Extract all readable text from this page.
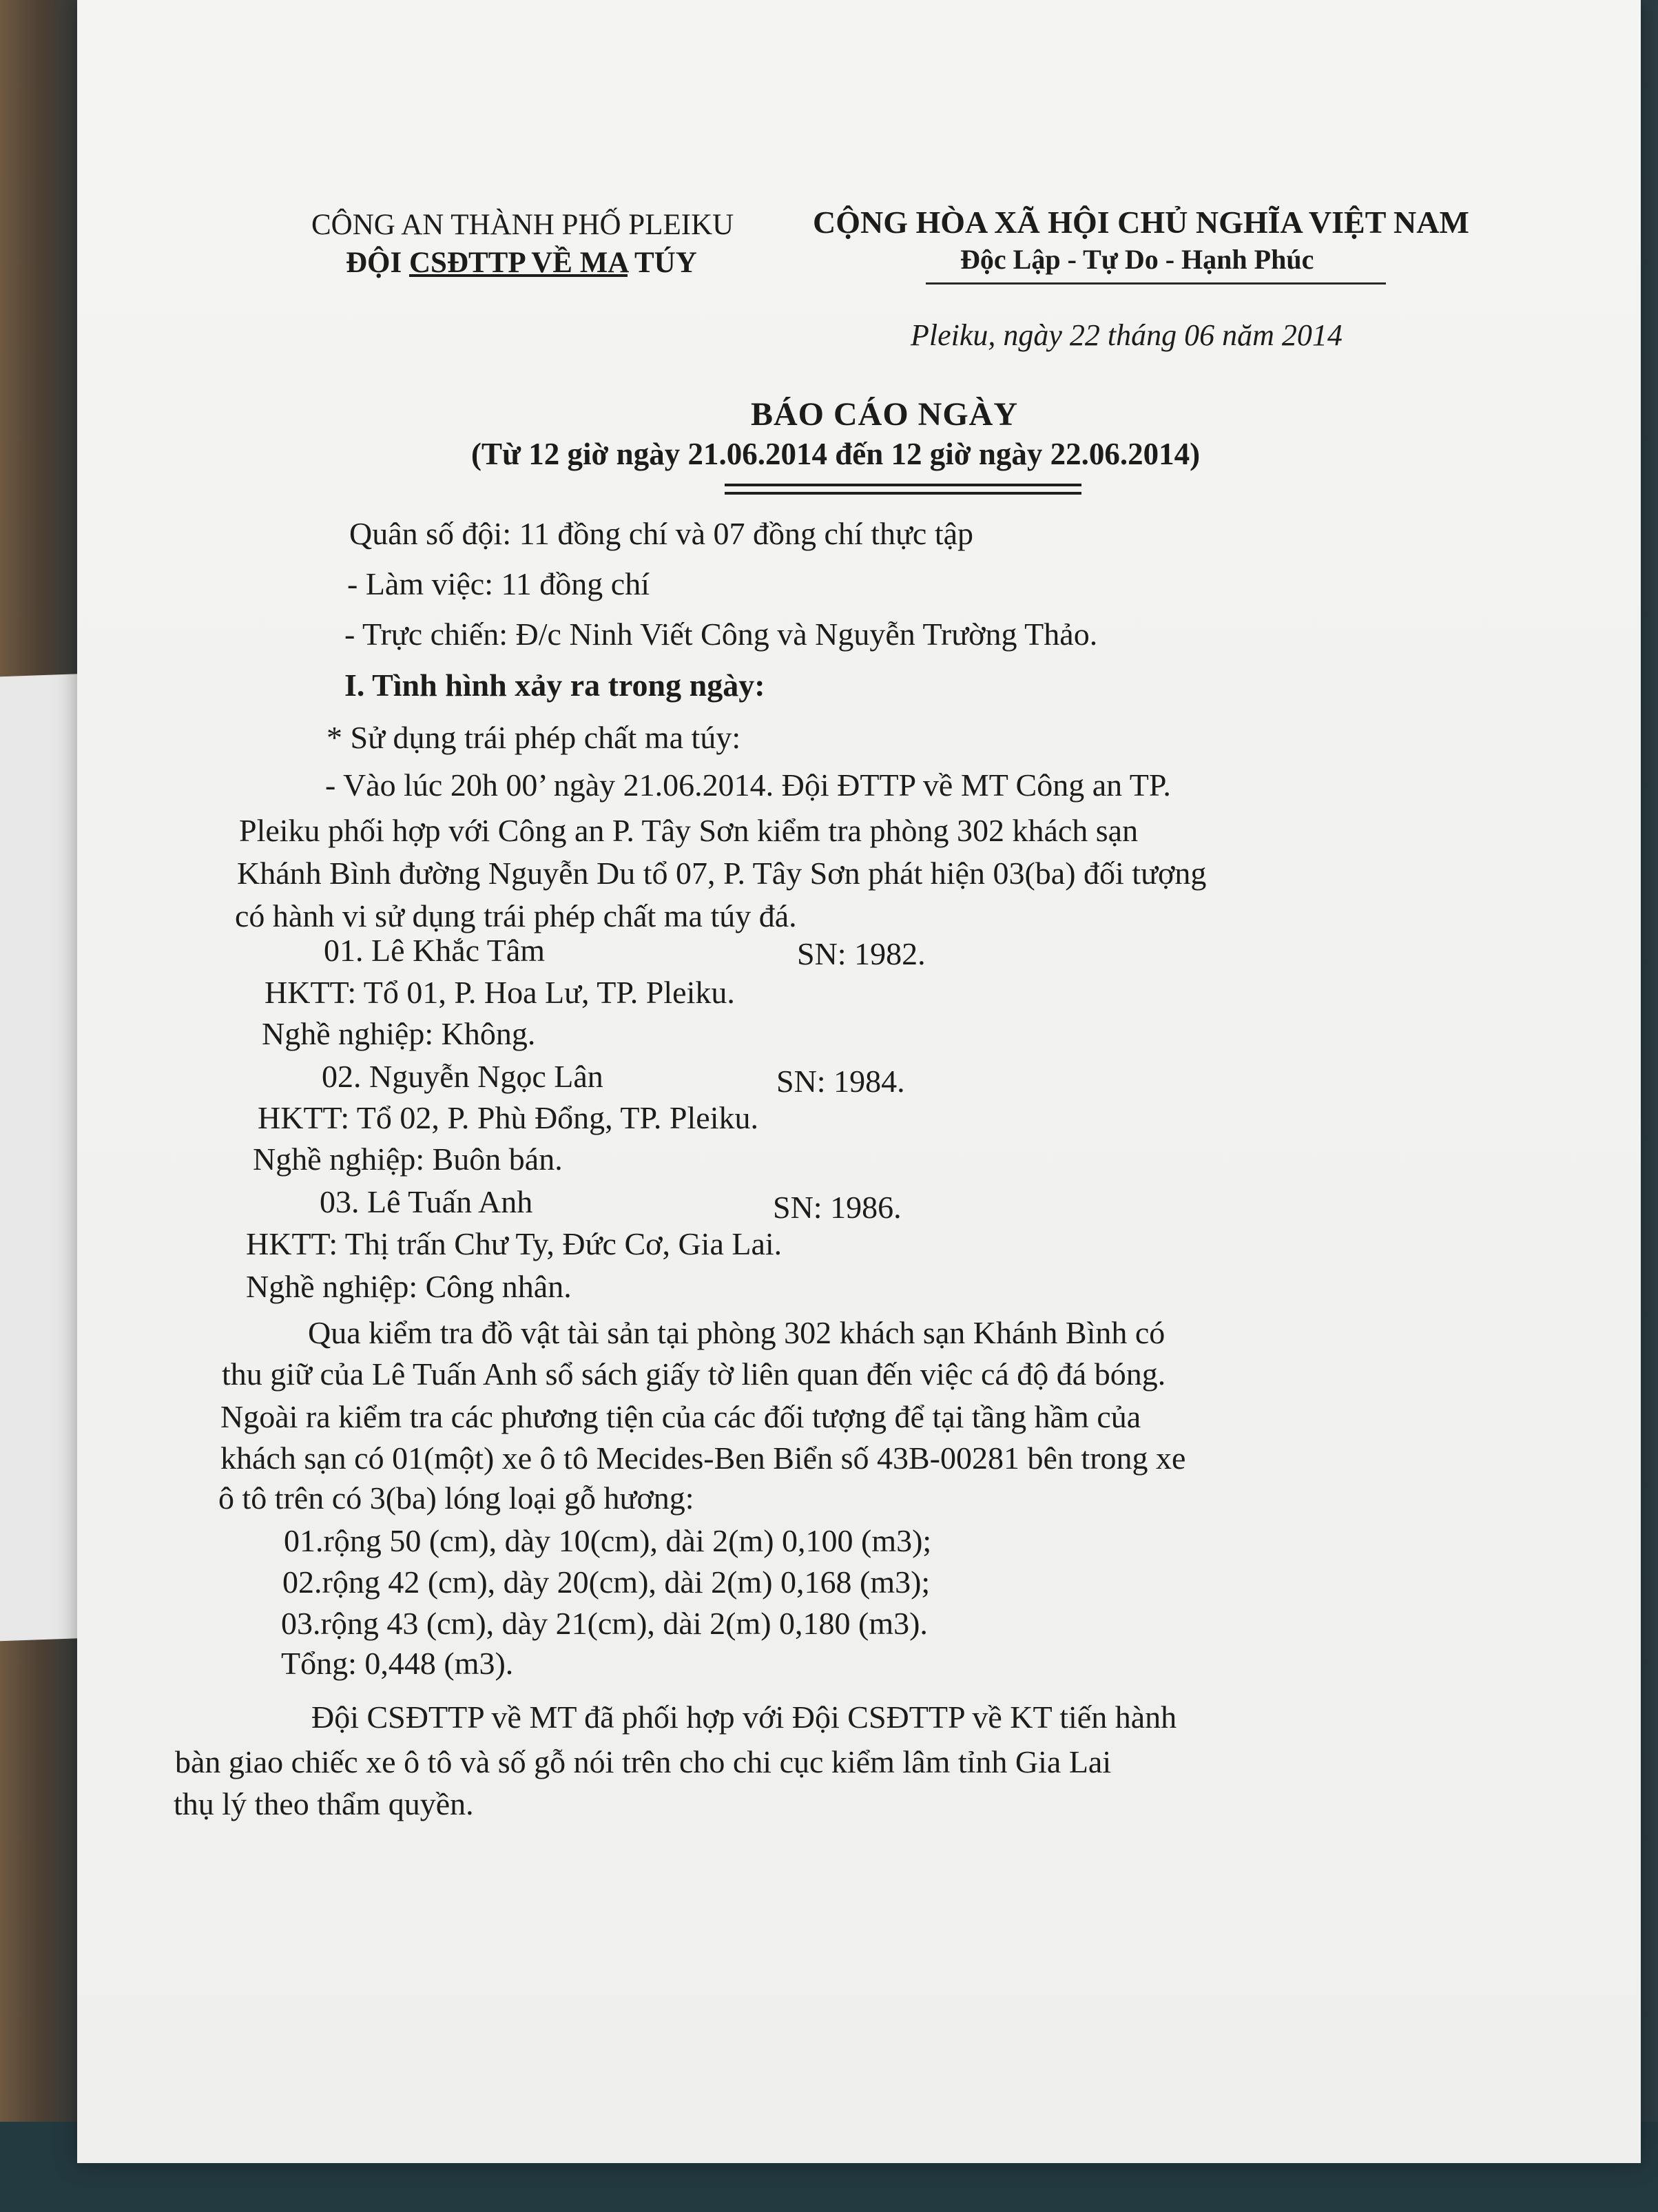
CÔNG AN THÀNH PHỐ PLEIKU
ĐỘI CSĐTTP VỀ MA TÚY
CỘNG HÒA XÃ HỘI CHỦ NGHĨA VIỆT NAM
Độc Lập - Tự Do - Hạnh Phúc
Pleiku, ngày 22 tháng 06 năm 2014
BÁO CÁO NGÀY
(Từ 12 giờ ngày 21.06.2014 đến 12 giờ ngày 22.06.2014)
Quân số đội: 11 đồng chí và 07 đồng chí thực tập
- Làm việc: 11 đồng chí
- Trực chiến: Đ/c Ninh Viết Công và Nguyễn Trường Thảo.
I. Tình hình xảy ra trong ngày:
* Sử dụng trái phép chất ma túy:
- Vào lúc 20h 00’ ngày 21.06.2014. Đội ĐTTP về MT Công an TP.
Pleiku phối hợp với Công an P. Tây Sơn kiểm tra phòng 302 khách sạn
Khánh Bình đường Nguyễn Du tổ 07, P. Tây Sơn phát hiện 03(ba) đối tượng
có hành vi sử dụng trái phép chất ma túy đá.
01. Lê Khắc Tâm	SN: 1982.
HKTT: Tổ 01, P. Hoa Lư, TP. Pleiku.
Nghề nghiệp: Không.
02. Nguyễn Ngọc Lân	SN: 1984.
HKTT: Tổ 02, P. Phù Đổng, TP. Pleiku.
Nghề nghiệp: Buôn bán.
03. Lê Tuấn Anh	SN: 1986.
HKTT: Thị trấn Chư Ty, Đức Cơ, Gia Lai.
Nghề nghiệp: Công nhân.
Qua kiểm tra đồ vật tài sản tại phòng 302 khách sạn Khánh Bình có
thu giữ của Lê Tuấn Anh sổ sách giấy tờ liên quan đến việc cá độ đá bóng.
Ngoài ra kiểm tra các phương tiện của các đối tượng để tại tầng hầm của
khách sạn có 01(một) xe ô tô Mecides-Ben Biển số 43B-00281 bên trong xe
ô tô trên có 3(ba) lóng loại gỗ hương:
01.rộng 50 (cm), dày 10(cm), dài 2(m) 0,100 (m3);
02.rộng 42 (cm), dày 20(cm), dài 2(m) 0,168 (m3);
03.rộng 43 (cm), dày 21(cm), dài 2(m) 0,180 (m3).
Tổng: 0,448 (m3).
Đội CSĐTTP về MT đã phối hợp với Đội CSĐTTP về KT tiến hành
bàn giao chiếc xe ô tô và số gỗ nói trên cho chi cục kiểm lâm tỉnh Gia Lai
thụ lý theo thẩm quyền.
